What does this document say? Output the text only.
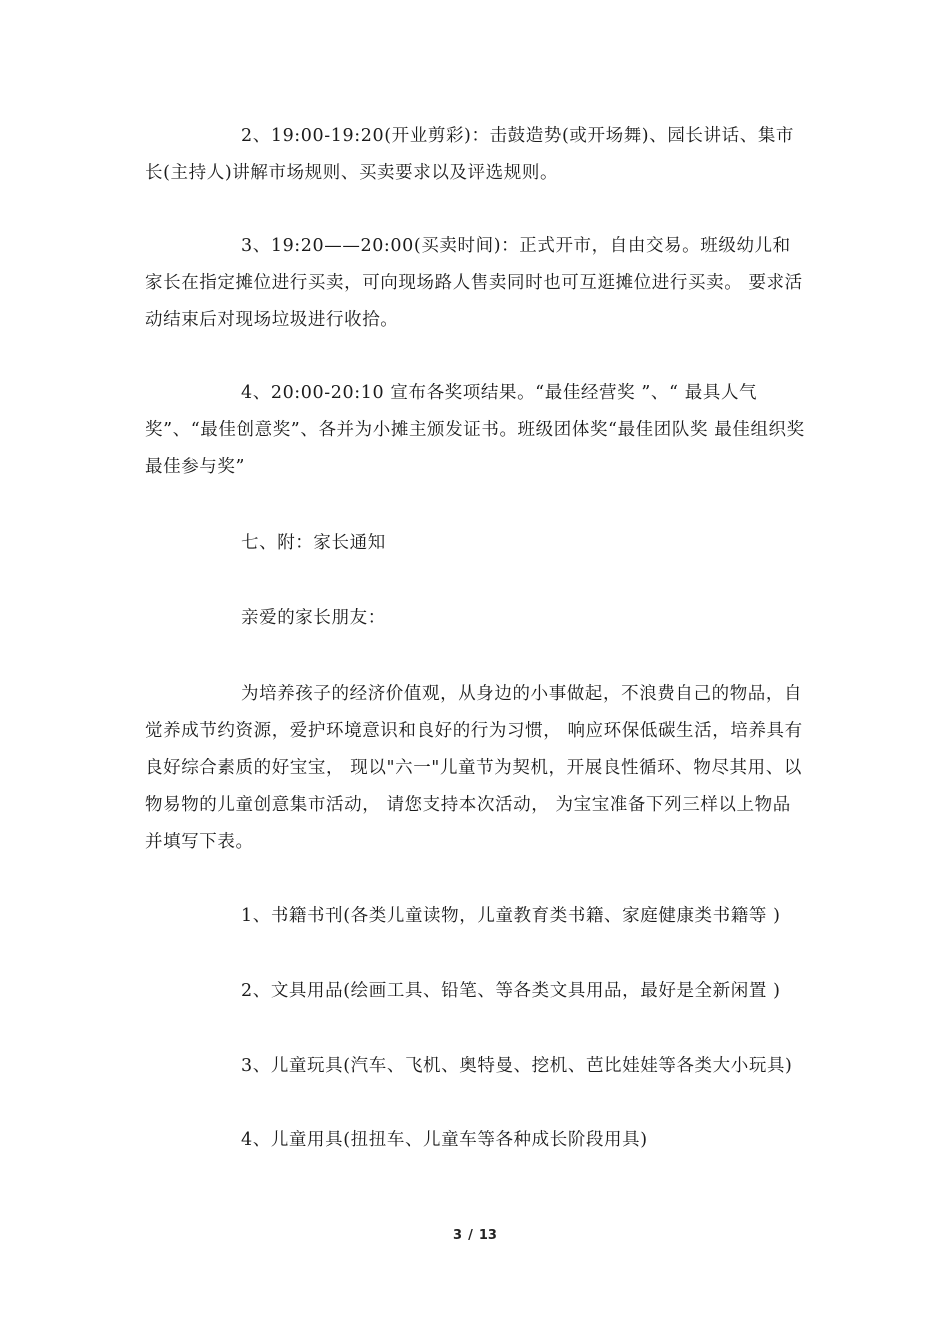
2、19:00-19:20(开业剪彩)：击鼓造势(或开场舞)、园长讲话、集市长(主持人)讲解市场规则、买卖要求以及评选规则。

3、19:20——20:00(买卖时间)：正式开市，自由交易。班级幼儿和家长在指定摊位进行买卖，可向现场路人售卖同时也可互逛摊位进行买卖。 要求活动结束后对现场垃圾进行收拾。

4、20:00-20:10 宣布各奖项结果。“最佳经营奖 ”、“ 最具人气奖”、“最佳创意奖”、各并为小摊主颁发证书。班级团体奖“最佳团队奖 最佳组织奖 最佳参与奖”

七、附：家长通知

亲爱的家长朋友：

为培养孩子的经济价值观，从身边的小事做起，不浪费自己的物品，自觉养成节约资源，爱护环境意识和良好的行为习惯， 响应环保低碳生活，培养具有良好综合素质的好宝宝， 现以"六一"儿童节为契机，开展良性循环、物尽其用、以物易物的儿童创意集市活动， 请您支持本次活动， 为宝宝准备下列三样以上物品并填写下表。

1、书籍书刊(各类儿童读物，儿童教育类书籍、家庭健康类书籍等 )

2、文具用品(绘画工具、铅笔、等各类文具用品，最好是全新闲置 )

3、儿童玩具(汽车、飞机、奥特曼、挖机、芭比娃娃等各类大小玩具)

4、儿童用具(扭扭车、儿童车等各种成长阶段用具)

3 / 13
